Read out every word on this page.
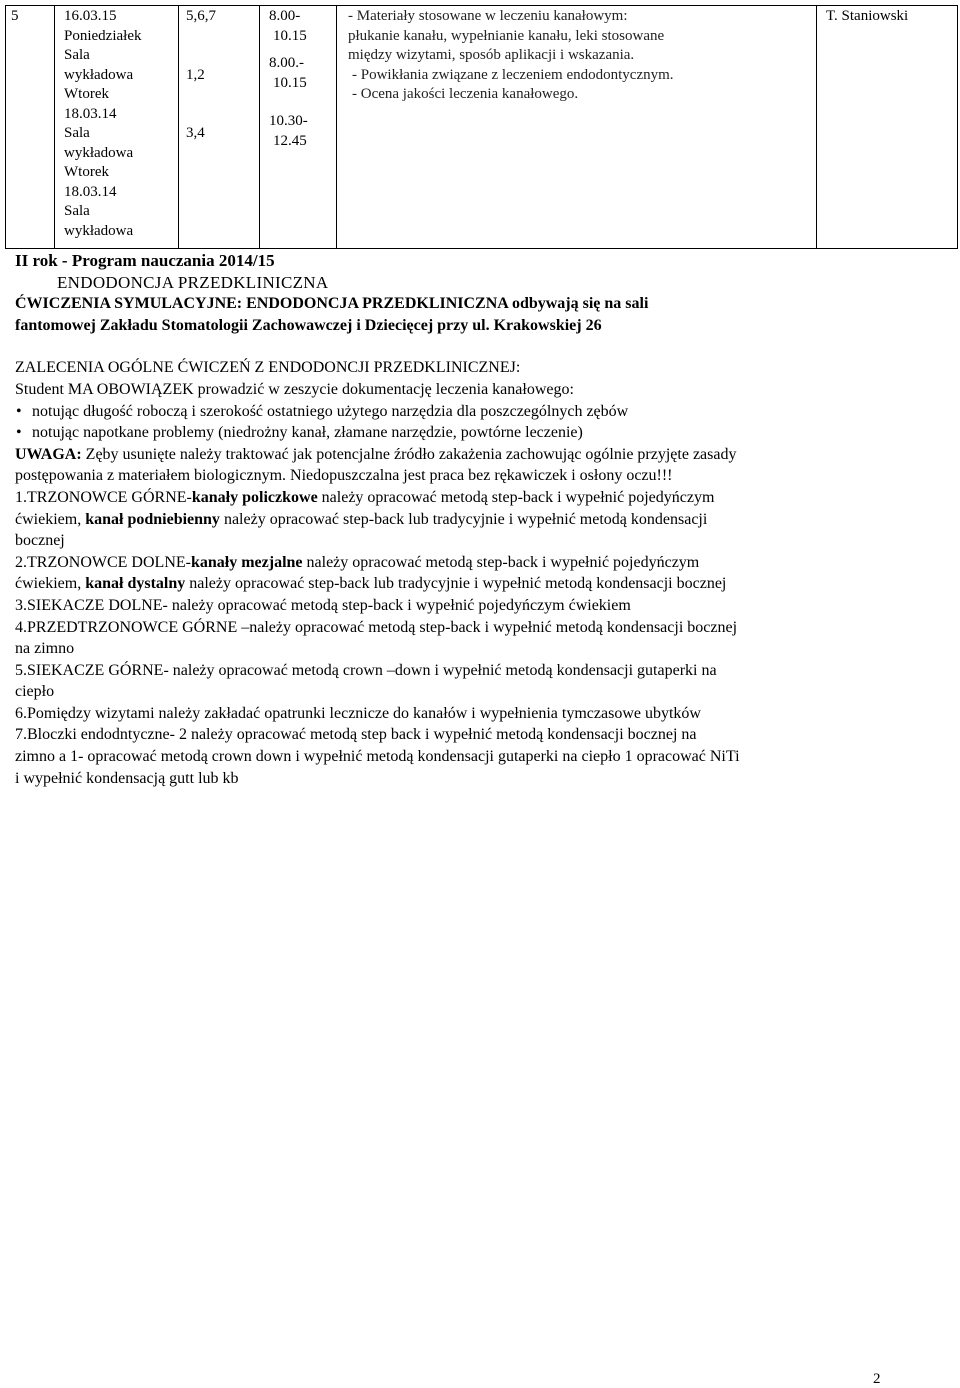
5	16.03.15
Poniedziałek
Sala
wykładowa
Wtorek
18.03.14
Sala
wykładowa
Wtorek
18.03.14
Sala
wykładowa
5,6,7
1,2
3,4
8.00-
10.15
8.00.-
10.15
10.30-
12.45
- Materiały stosowane w leczeniu kanałowym:
płukanie kanału, wypełnianie kanału, leki stosowane
między wizytami, sposób aplikacji i wskazania.
- Powikłania związane z leczeniem endodontycznym.
- Ocena jakości leczenia kanałowego.
T. Staniowski
II rok - Program nauczania 2014/15
ENDODONCJA PRZEDKLINICZNA
ĆWICZENIA SYMULACYJNE: ENDODONCJA PRZEDKLINICZNA odbywają się na sali
fantomowej Zakładu Stomatologii Zachowawczej i Dziecięcej przy ul. Krakowskiej 26
ZALECENIA OGÓLNE ĆWICZEŃ Z ENDODONCJI PRZEDKLINICZNEJ:
Student MA OBOWIĄZEK prowadzić w zeszycie dokumentację leczenia kanałowego:
• notując długość roboczą i szerokość ostatniego użytego narzędzia dla poszczególnych zębów
• notując napotkane problemy (niedrożny kanał, złamane narzędzie, powtórne leczenie)
UWAGA: Zęby usunięte należy traktować jak potencjalne źródło zakażenia zachowując ogólnie przyjęte zasady
postępowania z materiałem biologicznym. Niedopuszczalna jest praca bez rękawiczek i osłony oczu!!!
1.TRZONOWCE GÓRNE-kanały policzkowe należy opracować metodą step-back i wypełnić pojedyńczym
ćwiekiem, kanał podniebienny należy opracować step-back lub tradycyjnie i wypełnić metodą kondensacji
bocznej
2.TRZONOWCE DOLNE-kanały mezjalne należy opracować metodą step-back i wypełnić pojedyńczym
ćwiekiem, kanał dystalny należy opracować step-back lub tradycyjnie i wypełnić metodą kondensacji bocznej
3.SIEKACZE DOLNE- należy opracować metodą step-back i wypełnić pojedyńczym ćwiekiem
4.PRZEDTRZONOWCE GÓRNE –należy opracować metodą step-back i wypełnić metodą kondensacji bocznej
na zimno
5.SIEKACZE GÓRNE- należy opracować metodą crown –down i wypełnić metodą kondensacji gutaperki na
ciepło
6.Pomiędzy wizytami należy zakładać opatrunki lecznicze do kanałów i wypełnienia tymczasowe ubytków
7.Bloczki endodntyczne- 2 należy opracować metodą step back i wypełnić metodą kondensacji bocznej na
zimno a 1- opracować metodą crown down i wypełnić metodą kondensacji gutaperki na ciepło 1 opracować NiTi
i wypełnić kondensacją gutt lub kb
2
